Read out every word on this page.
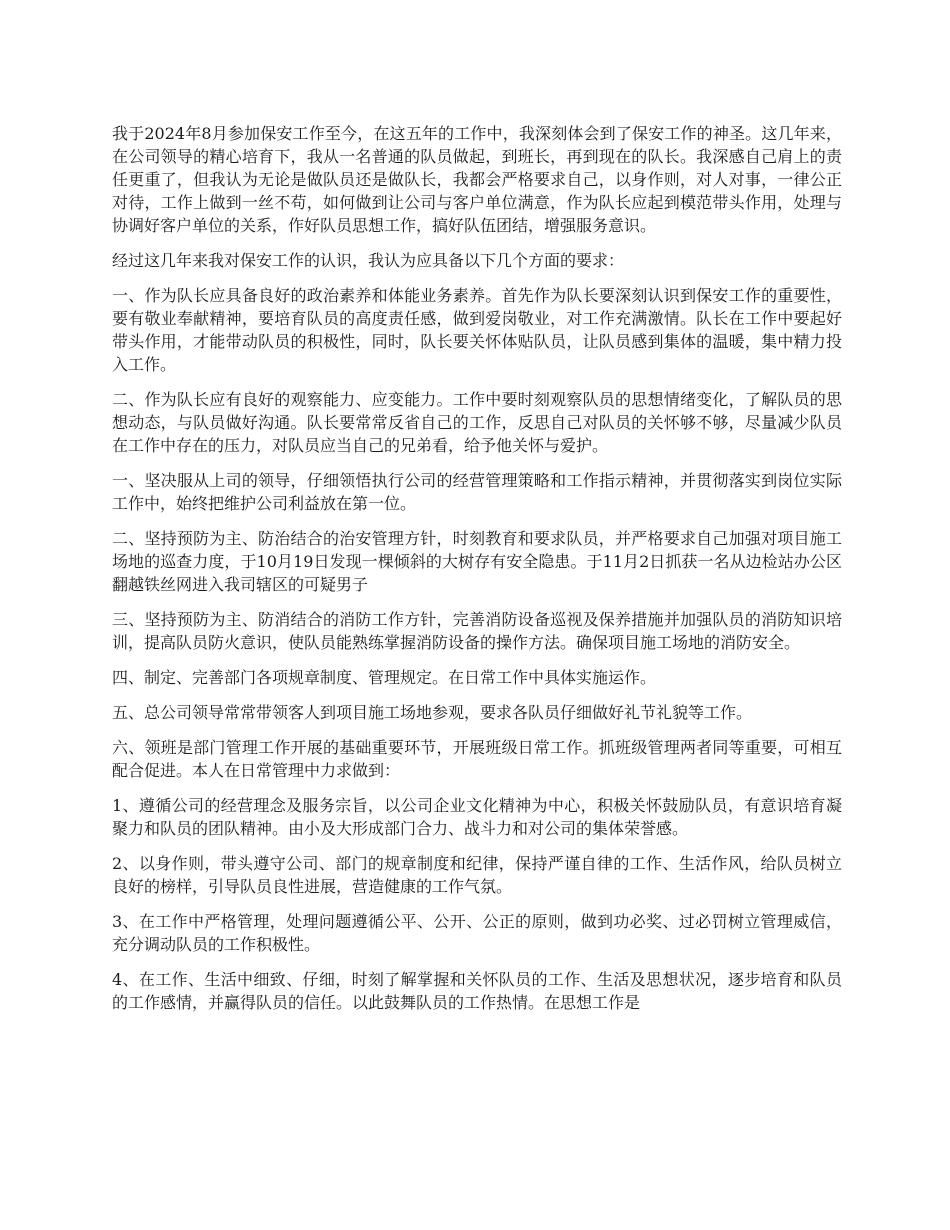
我于2024年8月参加保安工作至今，在这五年的工作中，我深刻体会到了保安工作的神圣。这几年来，在公司领导的精心培育下，我从一名普通的队员做起，到班长，再到现在的队长。我深感自己肩上的责任更重了，但我认为无论是做队员还是做队长，我都会严格要求自己，以身作则，对人对事，一律公正对待，工作上做到一丝不苟，如何做到让公司与客户单位满意，作为队长应起到模范带头作用，处理与协调好客户单位的关系，作好队员思想工作，搞好队伍团结，增强服务意识。

经过这几年来我对保安工作的认识，我认为应具备以下几个方面的要求：

一、作为队长应具备良好的政治素养和体能业务素养。首先作为队长要深刻认识到保安工作的重要性，要有敬业奉献精神，要培育队员的高度责任感，做到爱岗敬业，对工作充满激情。队长在工作中要起好带头作用，才能带动队员的积极性，同时，队长要关怀体贴队员，让队员感到集体的温暖，集中精力投入工作。

二、作为队长应有良好的观察能力、应变能力。工作中要时刻观察队员的思想情绪变化，了解队员的思想动态，与队员做好沟通。队长要常常反省自己的工作，反思自己对队员的关怀够不够，尽量减少队员在工作中存在的压力，对队员应当自己的兄弟看，给予他关怀与爱护。

一、坚决服从上司的领导，仔细领悟执行公司的经营管理策略和工作指示精神，并贯彻落实到岗位实际工作中，始终把维护公司利益放在第一位。

二、坚持预防为主、防治结合的治安管理方针，时刻教育和要求队员，并严格要求自己加强对项目施工场地的巡查力度，于10月19日发现一棵倾斜的大树存有安全隐患。于11月2日抓获一名从边检站办公区翻越铁丝网进入我司辖区的可疑男子

三、坚持预防为主、防消结合的消防工作方针，完善消防设备巡视及保养措施并加强队员的消防知识培训，提高队员防火意识，使队员能熟练掌握消防设备的操作方法。确保项目施工场地的消防安全。

四、制定、完善部门各项规章制度、管理规定。在日常工作中具体实施运作。

五、总公司领导常常带领客人到项目施工场地参观，要求各队员仔细做好礼节礼貌等工作。

六、领班是部门管理工作开展的基础重要环节，开展班级日常工作。抓班级管理两者同等重要，可相互配合促进。本人在日常管理中力求做到：

1、遵循公司的经营理念及服务宗旨，以公司企业文化精神为中心，积极关怀鼓励队员，有意识培育凝聚力和队员的团队精神。由小及大形成部门合力、战斗力和对公司的集体荣誉感。

2、以身作则，带头遵守公司、部门的规章制度和纪律，保持严谨自律的工作、生活作风，给队员树立良好的榜样，引导队员良性进展，营造健康的工作气氛。

3、在工作中严格管理，处理问题遵循公平、公开、公正的原则，做到功必奖、过必罚树立管理威信，充分调动队员的工作积极性。

4、在工作、生活中细致、仔细，时刻了解掌握和关怀队员的工作、生活及思想状况，逐步培育和队员的工作感情，并赢得队员的信任。以此鼓舞队员的工作热情。在思想工作是
